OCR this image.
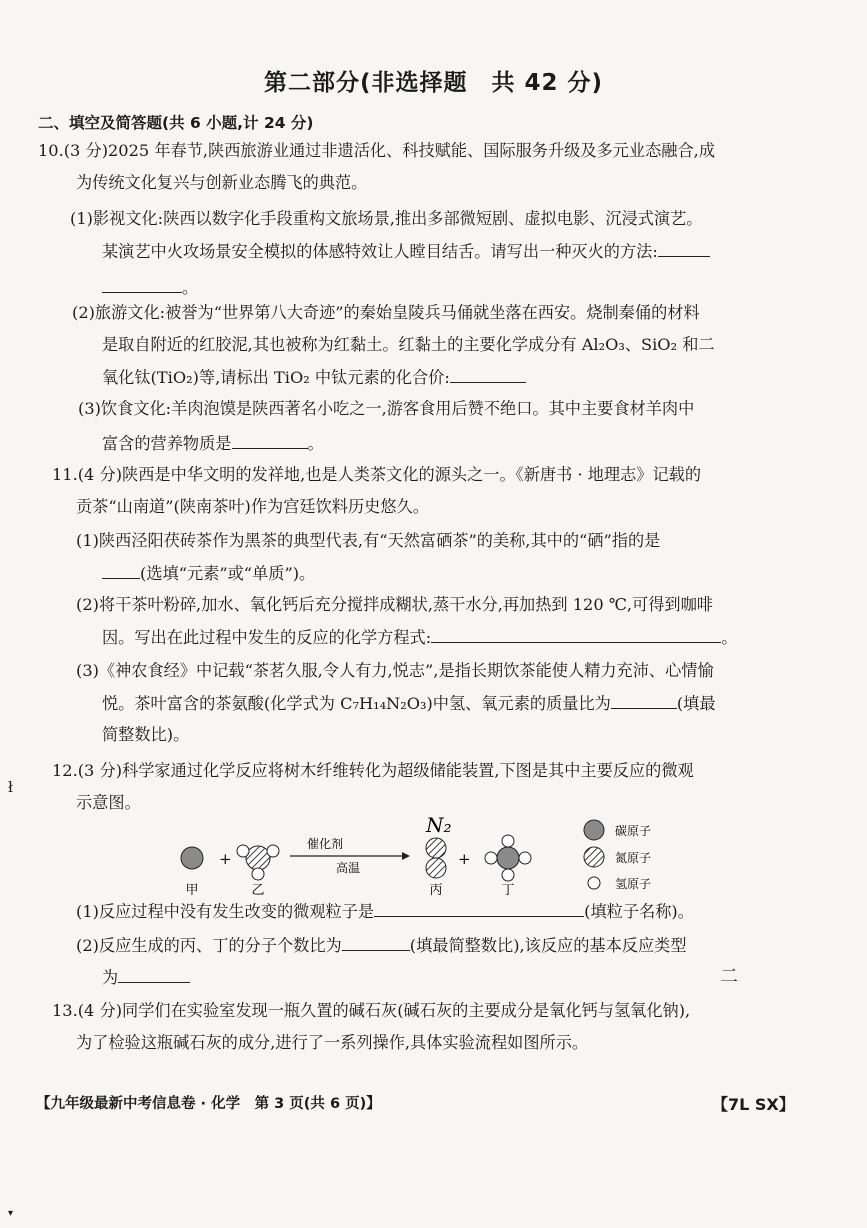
第二部分(非选择题　共 42 分)
二、填空及简答题(共 6 小题,计 24 分)
10.(3 分)2025 年春节,陕西旅游业通过非遗活化、科技赋能、国际服务升级及多元业态融合,成
为传统文化复兴与创新业态腾飞的典范。
(1)影视文化:陕西以数字化手段重构文旅场景,推出多部微短剧、虚拟电影、沉浸式演艺。
某演艺中火攻场景安全模拟的体感特效让人瞠目结舌。请写出一种灭火的方法:
。
(2)旅游文化:被誉为“世界第八大奇迹”的秦始皇陵兵马俑就坐落在西安。烧制秦俑的材料
是取自附近的红胶泥,其也被称为红黏土。红黏土的主要化学成分有 Al₂O₃、SiO₂ 和二
氧化钛(TiO₂)等,请标出 TiO₂ 中钛元素的化合价:
(3)饮食文化:羊肉泡馍是陕西著名小吃之一,游客食用后赞不绝口。其中主要食材羊肉中
富含的营养物质是	。
11.(4 分)陕西是中华文明的发祥地,也是人类茶文化的源头之一。《新唐书 · 地理志》记载的
贡茶“山南道”(陕南茶叶)作为宫廷饮料历史悠久。
(1)陕西泾阳茯砖茶作为黑茶的典型代表,有“天然富硒茶”的美称,其中的“硒”指的是
(选填“元素”或“单质”)。
(2)将干茶叶粉碎,加水、氧化钙后充分搅拌成糊状,蒸干水分,再加热到 120 ℃,可得到咖啡
因。写出在此过程中发生的反应的化学方程式:	。
(3)《神农食经》中记载“茶茗久服,令人有力,悦志”,是指长期饮茶能使人精力充沛、心情愉
悦。茶叶富含的茶氨酸(化学式为 C₇H₁₄N₂O₃)中氢、氧元素的质量比为	(填最
简整数比)。
ł
12.(3 分)科学家通过化学反应将树木纤维转化为超级储能装置,下图是其中主要反应的微观
示意图。
+
催化剂
高温
N₂
+
甲	乙	丙	丁
碳原子
氮原子
氢原子
(1)反应过程中没有发生改变的微观粒子是	(填粒子名称)。
(2)反应生成的丙、丁的分子个数比为	(填最简整数比),该反应的基本反应类型
为	二
13.(4 分)同学们在实验室发现一瓶久置的碱石灰(碱石灰的主要成分是氧化钙与氢氧化钠),
为了检验这瓶碱石灰的成分,进行了一系列操作,具体实验流程如图所示。
【九年级最新中考信息卷 · 化学　第 3 页(共 6 页)】	【7L SX】
▾
